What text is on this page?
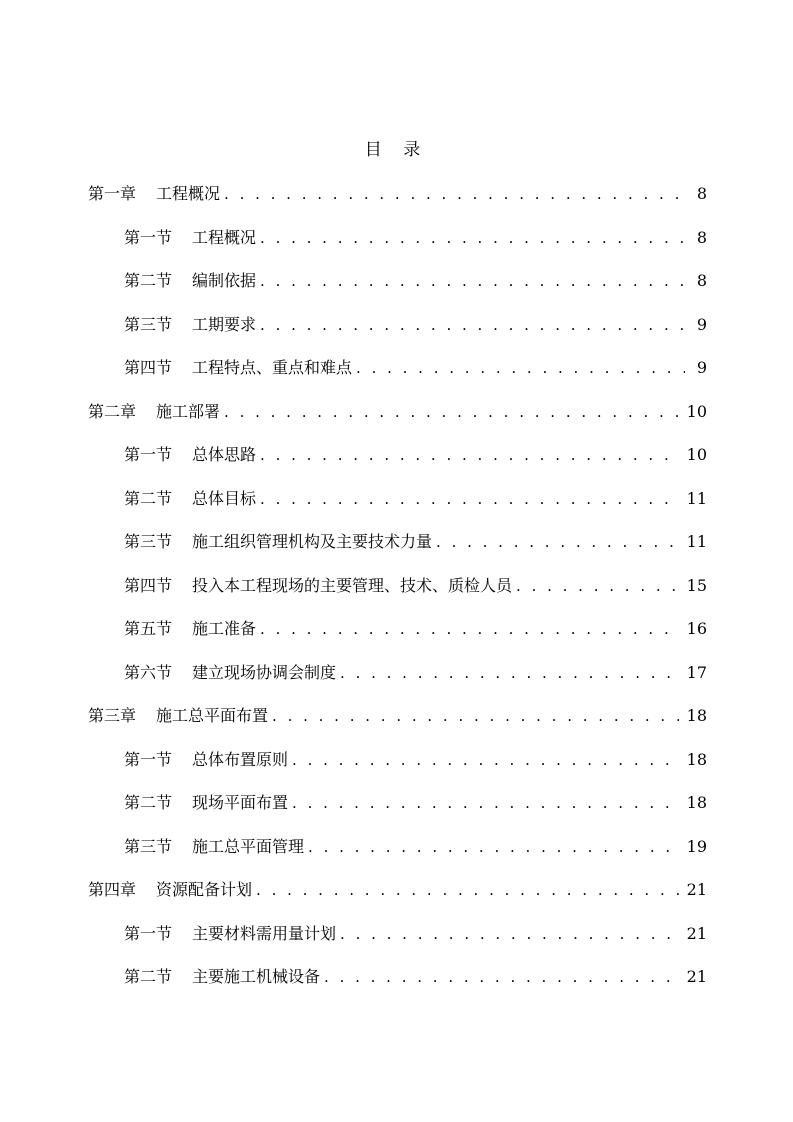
目 录
第一章 工程概况 . . .	8
第一节 工程概况 . . .	8
第二节 编制依据 . . .	8
第三节 工期要求 . . .	9
第四节 工程特点、重点和难点 . . .	9
第二章 施工部署 . . .	10
第一节 总体思路 . . .	10
第二节 总体目标 . . .	11
第三节 施工组织管理机构及主要技术力量 . . .	11
第四节 投入本工程现场的主要管理、技术、质检人员 . . .	15
第五节 施工准备 . . .	16
第六节 建立现场协调会制度 . . .	17
第三章 施工总平面布置 . . .	18
第一节 总体布置原则 . . .	18
第二节 现场平面布置 . . .	18
第三节 施工总平面管理 . . .	19
第四章 资源配备计划 . . .	21
第一节 主要材料需用量计划 . . .	21
第二节 主要施工机械设备 . . .	21
